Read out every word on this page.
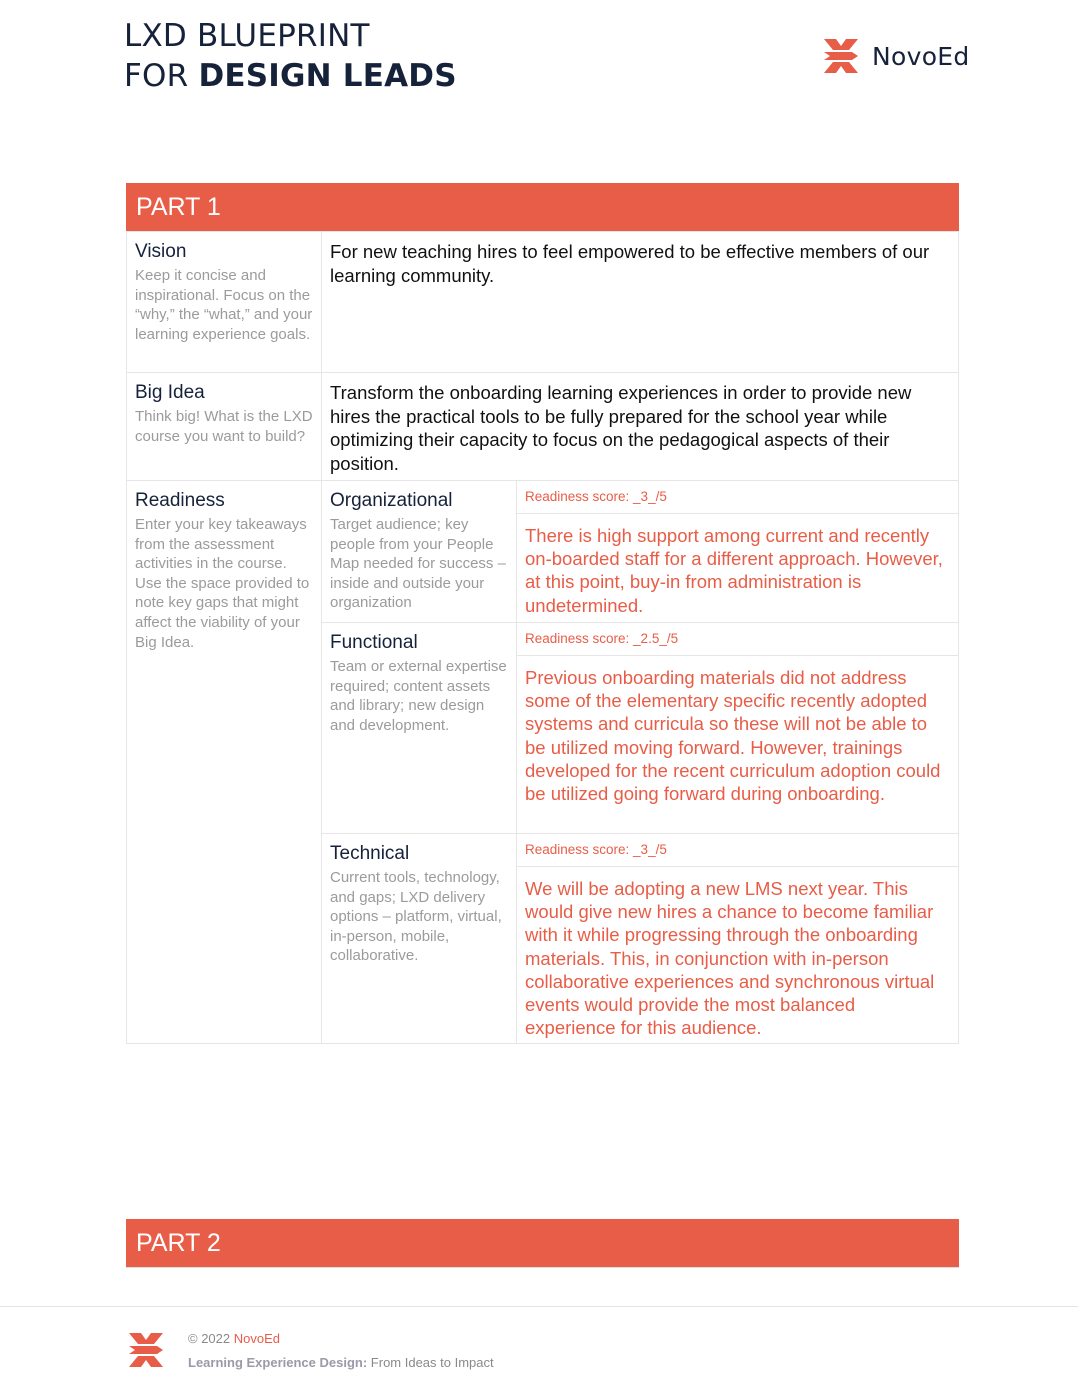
LXD BLUEPRINT
FOR DESIGN LEADS
NovoEd
PART 1
Vision
Keep it concise and inspirational. Focus on the “why,” the “what,” and your learning experience goals.
For new teaching hires to feel empowered to be effective members of our learning community.
Big Idea
Think big! What is the LXD course you want to build?
Transform the onboarding learning experiences in order to provide new hires the practical tools to be fully prepared for the school year while optimizing their capacity to focus on the pedagogical aspects of their position.
Readiness
Enter your key takeaways from the assessment activities in the course. Use the space provided to note key gaps that might affect the viability of your Big Idea.
Organizational
Target audience; key people from your People Map needed for success – inside and outside your organization
Readiness score: _3_/5
There is high support among current and recently on-boarded staff for a different approach. However, at this point, buy-in from administration is undetermined.
Functional
Team or external expertise required; content assets and library; new design and development.
Readiness score: _2.5_/5
Previous onboarding materials did not address some of the elementary specific recently adopted systems and curricula so these will not be able to be utilized moving forward. However, trainings developed for the recent curriculum adoption could be utilized going forward during onboarding.
Technical
Current tools, technology, and gaps; LXD delivery options – platform, virtual, in-person, mobile, collaborative.
Readiness score: _3_/5
We will be adopting a new LMS next year. This would give new hires a chance to become familiar with it while progressing through the onboarding materials. This, in conjunction with in-person collaborative experiences and synchronous virtual events would provide the most balanced experience for this audience.
PART 2
© 2022 NovoEd
Learning Experience Design: From Ideas to Impact
